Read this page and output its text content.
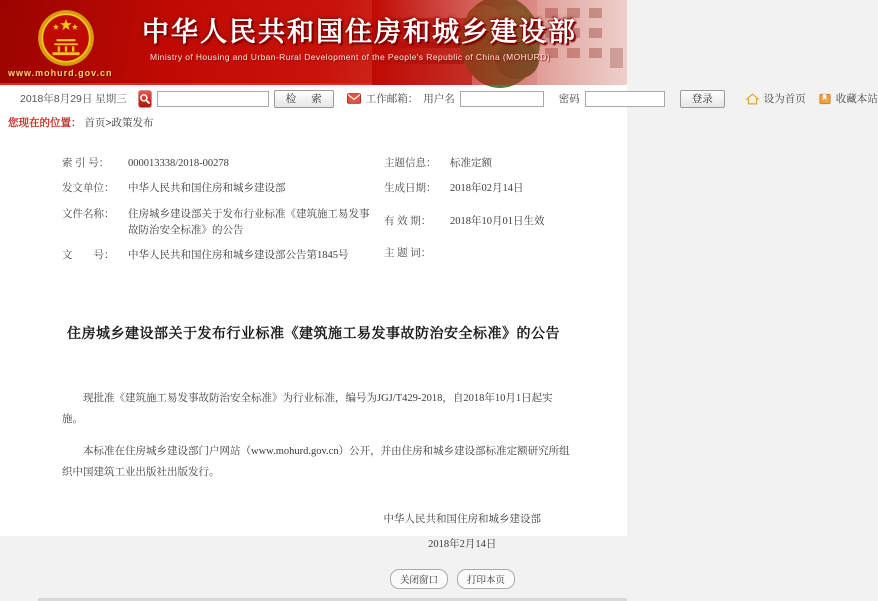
中华人民共和国住房和城乡建设部
Ministry of Housing and Urban-Rural Development of the People's Republic of China (MOHURD)
www.mohurd.gov.cn
2018年8月29日 星期三	检 索	工作邮箱： 用户名	密码	登录	设为首页	收藏本站
您现在的位置： 首页>政策发布
索 引 号：	000013338/2018-00278
发文单位：	中华人民共和国住房和城乡建设部
文件名称：	住房城乡建设部关于发布行业标准《建筑施工易发事故防治安全标准》的公告
文　　号：	中华人民共和国住房和城乡建设部公告第1845号
主题信息：	标准定额
生成日期：	2018年02月14日
有 效 期：	2018年10月01日生效
主 题 词：
住房城乡建设部关于发布行业标准《建筑施工易发事故防治安全标准》的公告

现批准《建筑施工易发事故防治安全标准》为行业标准，编号为JGJ/T429-2018，自2018年10月1日起实施。

本标准在住房城乡建设部门户网站（www.mohurd.gov.cn）公开，并由住房和城乡建设部标准定额研究所组织中国建筑工业出版社出版发行。

中华人民共和国住房和城乡建设部
2018年2月14日
关闭窗口	打印本页
